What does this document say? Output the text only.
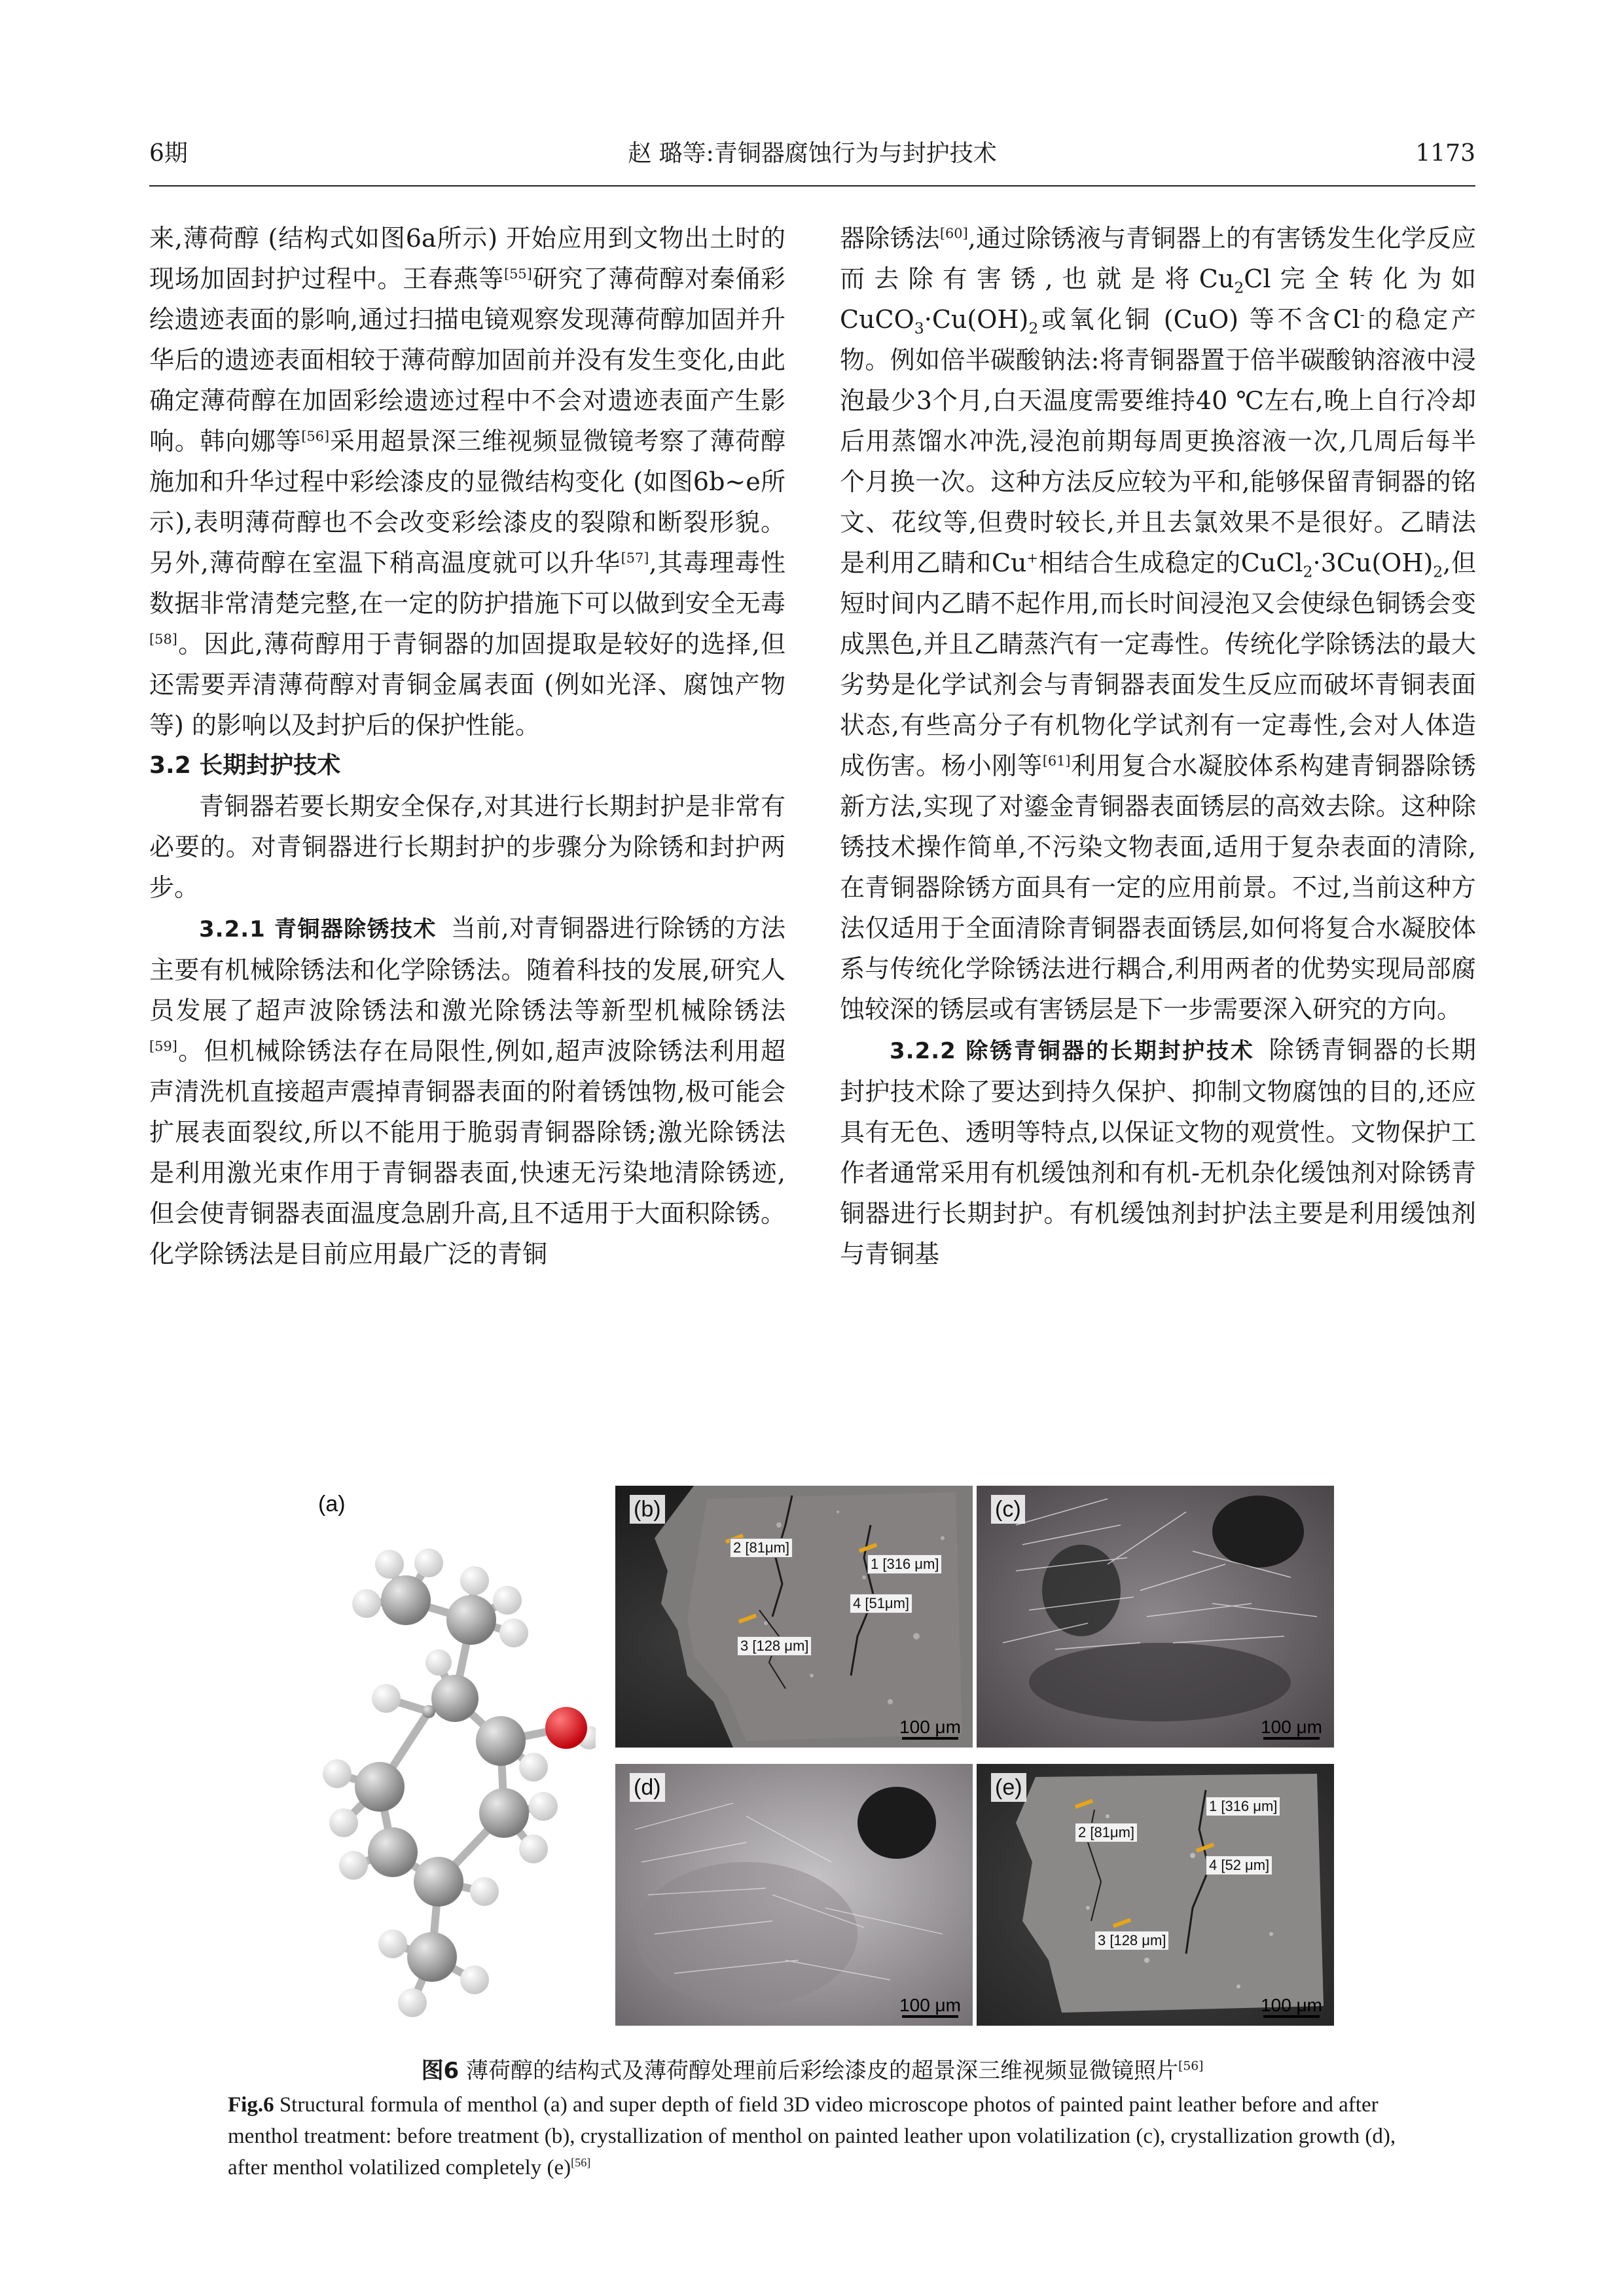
6期	赵 璐等:青铜器腐蚀行为与封护技术	1173

来,薄荷醇 (结构式如图6a所示) 开始应用到文物出土时的现场加固封护过程中。王春燕等[55]研究了薄荷醇对秦俑彩绘遗迹表面的影响,通过扫描电镜观察发现薄荷醇加固并升华后的遗迹表面相较于薄荷醇加固前并没有发生变化,由此确定薄荷醇在加固彩绘遗迹过程中不会对遗迹表面产生影响。韩向娜等[56]采用超景深三维视频显微镜考察了薄荷醇施加和升华过程中彩绘漆皮的显微结构变化 (如图6b~e所示),表明薄荷醇也不会改变彩绘漆皮的裂隙和断裂形貌。另外,薄荷醇在室温下稍高温度就可以升华[57],其毒理毒性数据非常清楚完整,在一定的防护措施下可以做到安全无毒[58]。因此,薄荷醇用于青铜器的加固提取是较好的选择,但还需要弄清薄荷醇对青铜金属表面 (例如光泽、腐蚀产物等) 的影响以及封护后的保护性能。

3.2 长期封护技术

青铜器若要长期安全保存,对其进行长期封护是非常有必要的。对青铜器进行长期封护的步骤分为除锈和封护两步。

3.2.1 青铜器除锈技术 当前,对青铜器进行除锈的方法主要有机械除锈法和化学除锈法。随着科技的发展,研究人员发展了超声波除锈法和激光除锈法等新型机械除锈法[59]。但机械除锈法存在局限性,例如,超声波除锈法利用超声清洗机直接超声震掉青铜器表面的附着锈蚀物,极可能会扩展表面裂纹,所以不能用于脆弱青铜器除锈;激光除锈法是利用激光束作用于青铜器表面,快速无污染地清除锈迹,但会使青铜器表面温度急剧升高,且不适用于大面积除锈。化学除锈法是目前应用最广泛的青铜

器除锈法[60],通过除锈液与青铜器上的有害锈发生化学反应而去除有害锈,也就是将$Cu_2Cl$完全转化为如$CuCO_3\cdot Cu(OH)_2$或氧化铜 (CuO) 等不含Cl-的稳定产物。例如倍半碳酸钠法:将青铜器置于倍半碳酸钠溶液中浸泡最少3个月,白天温度需要维持40 ℃左右,晚上自行冷却后用蒸馏水冲洗,浸泡前期每周更换溶液一次,几周后每半个月换一次。这种方法反应较为平和,能够保留青铜器的铭文、花纹等,但费时较长,并且去氯效果不是很好。乙睛法是利用乙睛和Cu+相结合生成稳定的$CuCl_2\cdot 3Cu(OH)_2$,但短时间内乙睛不起作用,而长时间浸泡又会使绿色铜锈会变成黑色,并且乙睛蒸汽有一定毒性。传统化学除锈法的最大劣势是化学试剂会与青铜器表面发生反应而破坏青铜表面状态,有些高分子有机物化学试剂有一定毒性,会对人体造成伤害。杨小刚等[61]利用复合水凝胶体系构建青铜器除锈新方法,实现了对鎏金青铜器表面锈层的高效去除。这种除锈技术操作简单,不污染文物表面,适用于复杂表面的清除,在青铜器除锈方面具有一定的应用前景。不过,当前这种方法仅适用于全面清除青铜器表面锈层,如何将复合水凝胶体系与传统化学除锈法进行耦合,利用两者的优势实现局部腐蚀较深的锈层或有害锈层是下一步需要深入研究的方向。

3.2.2 除锈青铜器的长期封护技术 除锈青铜器的长期封护技术除了要达到持久保护、抑制文物腐蚀的目的,还应具有无色、透明等特点,以保证文物的观赏性。文物保护工作者通常采用有机缓蚀剂和有机-无机杂化缓蚀剂对除锈青铜器进行长期封护。有机缓蚀剂封护法主要是利用缓蚀剂与青铜基

(a)	(b)
2 [81μm]
1 [316 μm]
4 [51μm]
3 [128 μm]
100 μm
(c)
100 μm
(d)
100 μm
(e)
2 [81μm]
1 [316 μm]
4 [52 μm]
3 [128 μm]
100 μm
图6 薄荷醇的结构式及薄荷醇处理前后彩绘漆皮的超景深三维视频显微镜照片[56]
Fig.6 Structural formula of menthol (a) and super depth of field 3D video microscope photos of painted paint leather before and after menthol treatment: before treatment (b), crystallization of menthol on painted leather upon volatilization (c), crystallization growth (d), after menthol volatilized completely (e)[56]
